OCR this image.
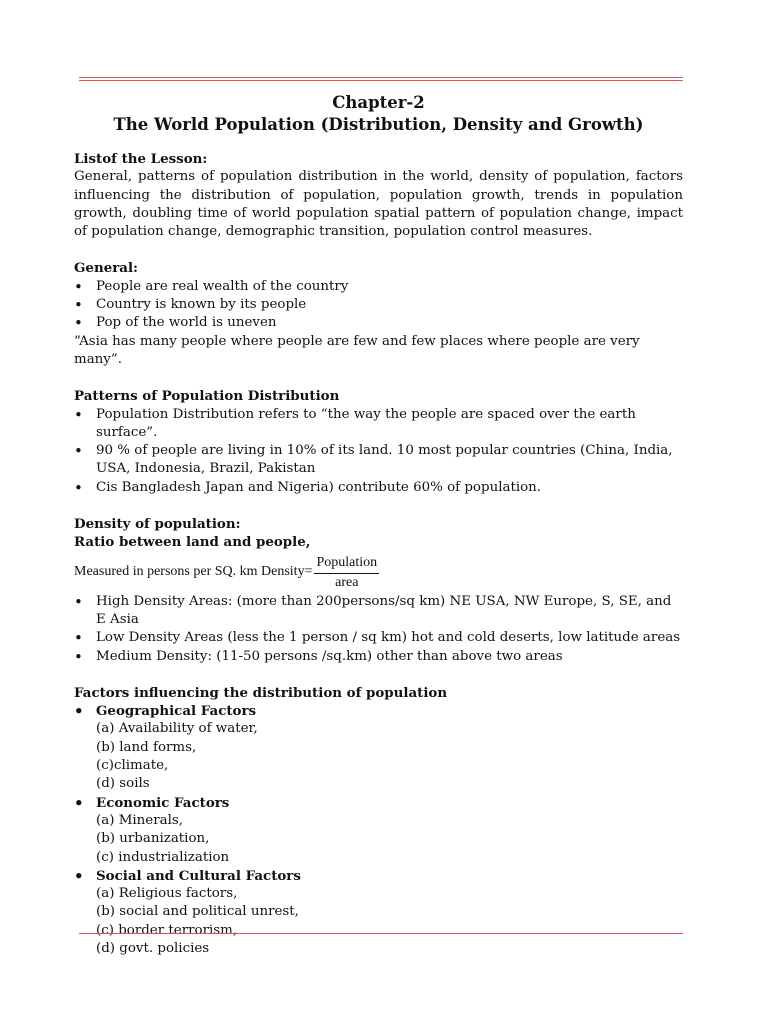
Chapter-2

The World Population (Distribution, Density and Growth)

Listof the Lesson:

General, patterns of population distribution in the world, density of population, factors influencing the distribution of population, population growth, trends in population growth, doubling time of world population spatial pattern of population change, impact of population change, demographic transition, population control measures.

General:
• People are real wealth of the country
• Country is known by its people
• Pop of the world is uneven

“Asia has many people where people are few and few places where people are very many”.

Patterns of Population Distribution
• Population Distribution refers to “the way the people are spaced over the earth surface”.
• 90 % of people are living in 10% of its land. 10 most popular countries (China, India, USA, Indonesia, Brazil, Pakistan
• Cis Bangladesh Japan and Nigeria) contribute 60% of population.
Density of population:
Ratio between land and people,
Measured in persons per SQ. km Density = $\frac{\text{Population}}{\text{area}}$
• High Density Areas: (more than 200persons/sq km) NE USA, NW Europe, S, SE, and E Asia
• Low Density Areas (less the 1 person / sq km) hot and cold deserts, low latitude areas
• Medium Density: (11-50 persons /sq.km) other than above two areas
Factors influencing the distribution of population
• Geographical Factors

(a) Availability of water,

(b) land forms,

(c)climate,

(d) soils

• Economic Factors

(a) Minerals,

(b) urbanization,

(c) industrialization

• Social and Cultural Factors

(a) Religious factors,

(b) social and political unrest,

(c) border terrorism,

(d) govt. policies
